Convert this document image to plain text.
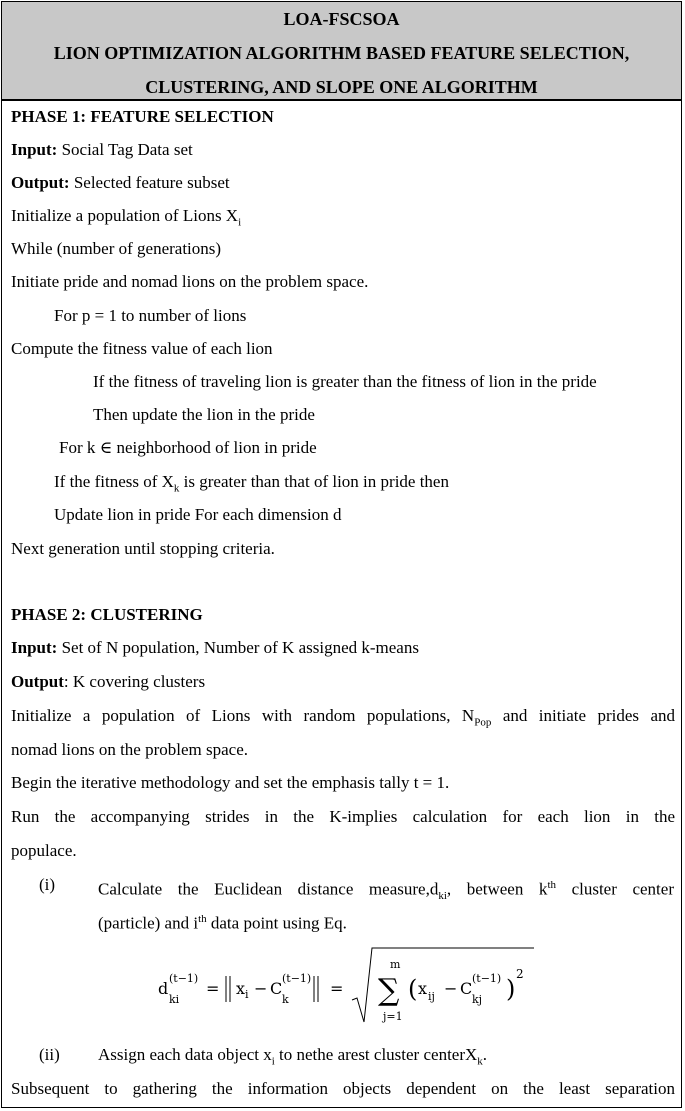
LOA-FSCSOA
LION OPTIMIZATION ALGORITHM BASED FEATURE SELECTION,
CLUSTERING, AND SLOPE ONE ALGORITHM
PHASE 1: FEATURE SELECTION
Input: Social Tag Data set
Output: Selected feature subset
Initialize a population of Lions $X_i$
While (number of generations)
Initiate pride and nomad lions on the problem space.
For p = 1 to number of lions
Compute the fitness value of each lion
If the fitness of traveling lion is greater than the fitness of lion in the pride
Then update the lion in the pride
For k ∈ neighborhood of lion in pride
If the fitness of $X_k$ is greater than that of lion in pride then
Update lion in pride For each dimension d
Next generation until stopping criteria.
PHASE 2: CLUSTERING
Input: Set of N population, Number of K assigned k-means
Output: K covering clusters
Initialize a population of Lions with random populations, $N_{Pop}$ and initiate prides and
nomad lions on the problem space.
Begin the iterative methodology and set the emphasis tally t = 1.
Run the accompanying strides in the K-implies calculation for each lion in the
populace.
(i)	Calculate the Euclidean distance $measure,d_{ki}$, between $k^{th}$ cluster center
(particle) and $i^{th}$ data point using Eq.
d
ki
(t−1)
= x i − C
k
(t−1)
=
m
∑
j=1
( x ij − C
kj
(t−1) )
2
(ii) Assign each data object $x_i$ to nethe arest cluster centerX$_k$.
Subsequent to gathering the information objects dependent on the least separation
